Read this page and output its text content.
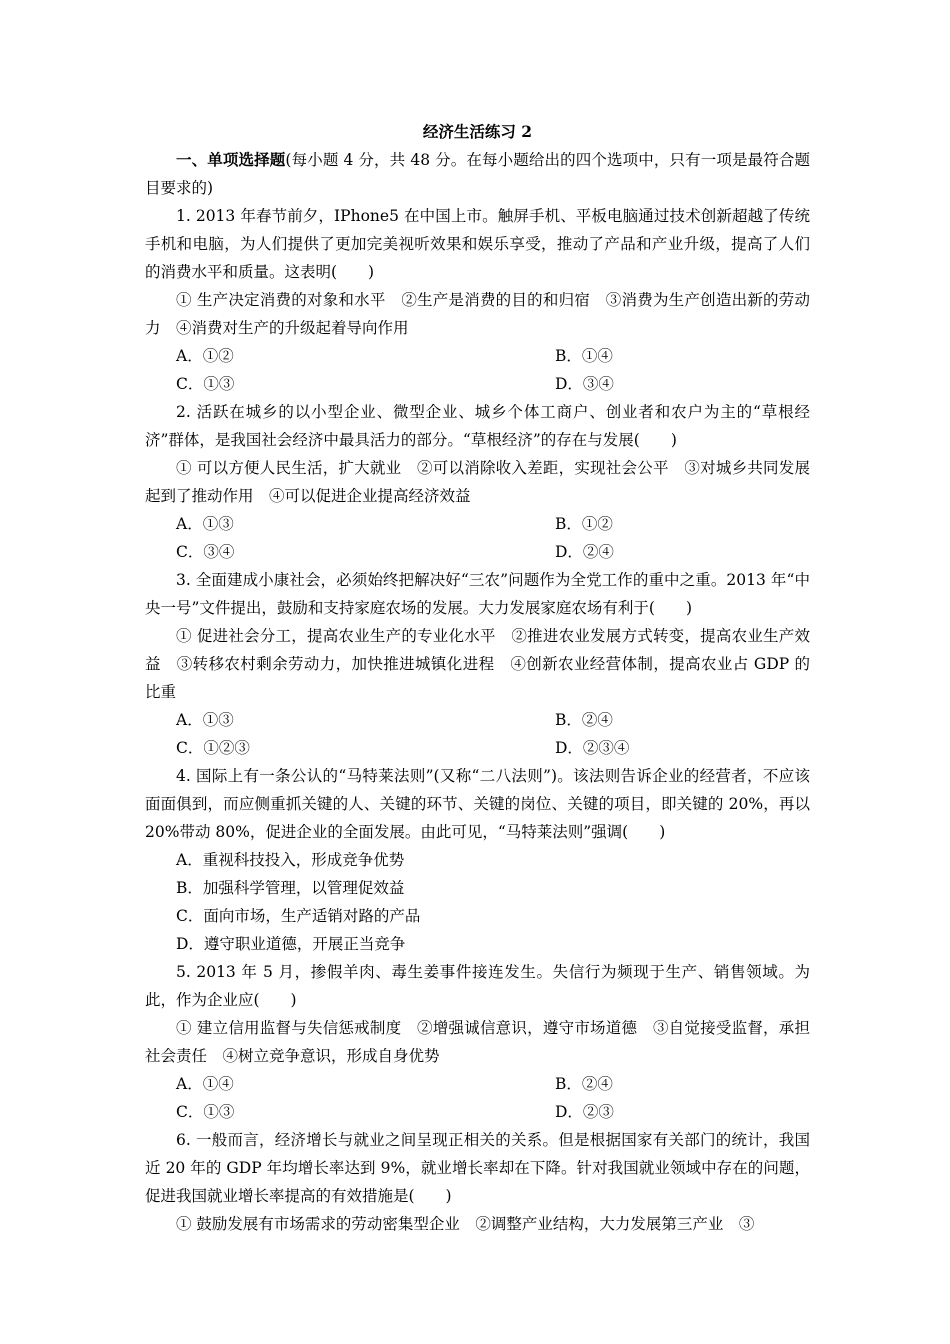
经济生活练习 2

一、单项选择题(每小题 4 分，共 48 分。在每小题给出的四个选项中，只有一项是最符合题目要求的)

1. 2013 年春节前夕，IPhone5 在中国上市。触屏手机、平板电脑通过技术创新超越了传统手机和电脑，为人们提供了更加完美视听效果和娱乐享受，推动了产品和产业升级，提高了人们的消费水平和质量。这表明(　　)

① 生产决定消费的对象和水平　②生产是消费的目的和归宿　③消费为生产创造出新的劳动力　④消费对生产的升级起着导向作用

A．①②	B．①④
C．①③	D．③④

2. 活跃在城乡的以小型企业、微型企业、城乡个体工商户、创业者和农户为主的“草根经济”群体，是我国社会经济中最具活力的部分。“草根经济”的存在与发展(　　)

① 可以方便人民生活，扩大就业　②可以消除收入差距，实现社会公平　③对城乡共同发展起到了推动作用　④可以促进企业提高经济效益

A．①③	B．①②
C．③④	D．②④

3. 全面建成小康社会，必须始终把解决好“三农”问题作为全党工作的重中之重。2013 年“中央一号”文件提出，鼓励和支持家庭农场的发展。大力发展家庭农场有利于(　　)

① 促进社会分工，提高农业生产的专业化水平　②推进农业发展方式转变，提高农业生产效益　③转移农村剩余劳动力，加快推进城镇化进程　④创新农业经营体制，提高农业占 GDP 的比重

A．①③	B．②④
C．①②③	D．②③④

4. 国际上有一条公认的“马特莱法则”(又称“二八法则”)。该法则告诉企业的经营者，不应该面面俱到，而应侧重抓关键的人、关键的环节、关键的岗位、关键的项目，即关键的 20%，再以 20%带动 80%，促进企业的全面发展。由此可见，“马特莱法则”强调(　　)

A．重视科技投入，形成竞争优势
B．加强科学管理，以管理促效益
C．面向市场，生产适销对路的产品
D．遵守职业道德，开展正当竞争

5. 2013 年 5 月，掺假羊肉、毒生姜事件接连发生。失信行为频现于生产、销售领域。为此，作为企业应(　　)

① 建立信用监督与失信惩戒制度　②增强诚信意识，遵守市场道德　③自觉接受监督，承担社会责任　④树立竞争意识，形成自身优势

A．①④	B．②④
C．①③	D．②③

6. 一般而言，经济增长与就业之间呈现正相关的关系。但是根据国家有关部门的统计，我国近 20 年的 GDP 年均增长率达到 9%，就业增长率却在下降。针对我国就业领域中存在的问题，促进我国就业增长率提高的有效措施是(　　)

① 鼓励发展有市场需求的劳动密集型企业　②调整产业结构，大力发展第三产业　③
